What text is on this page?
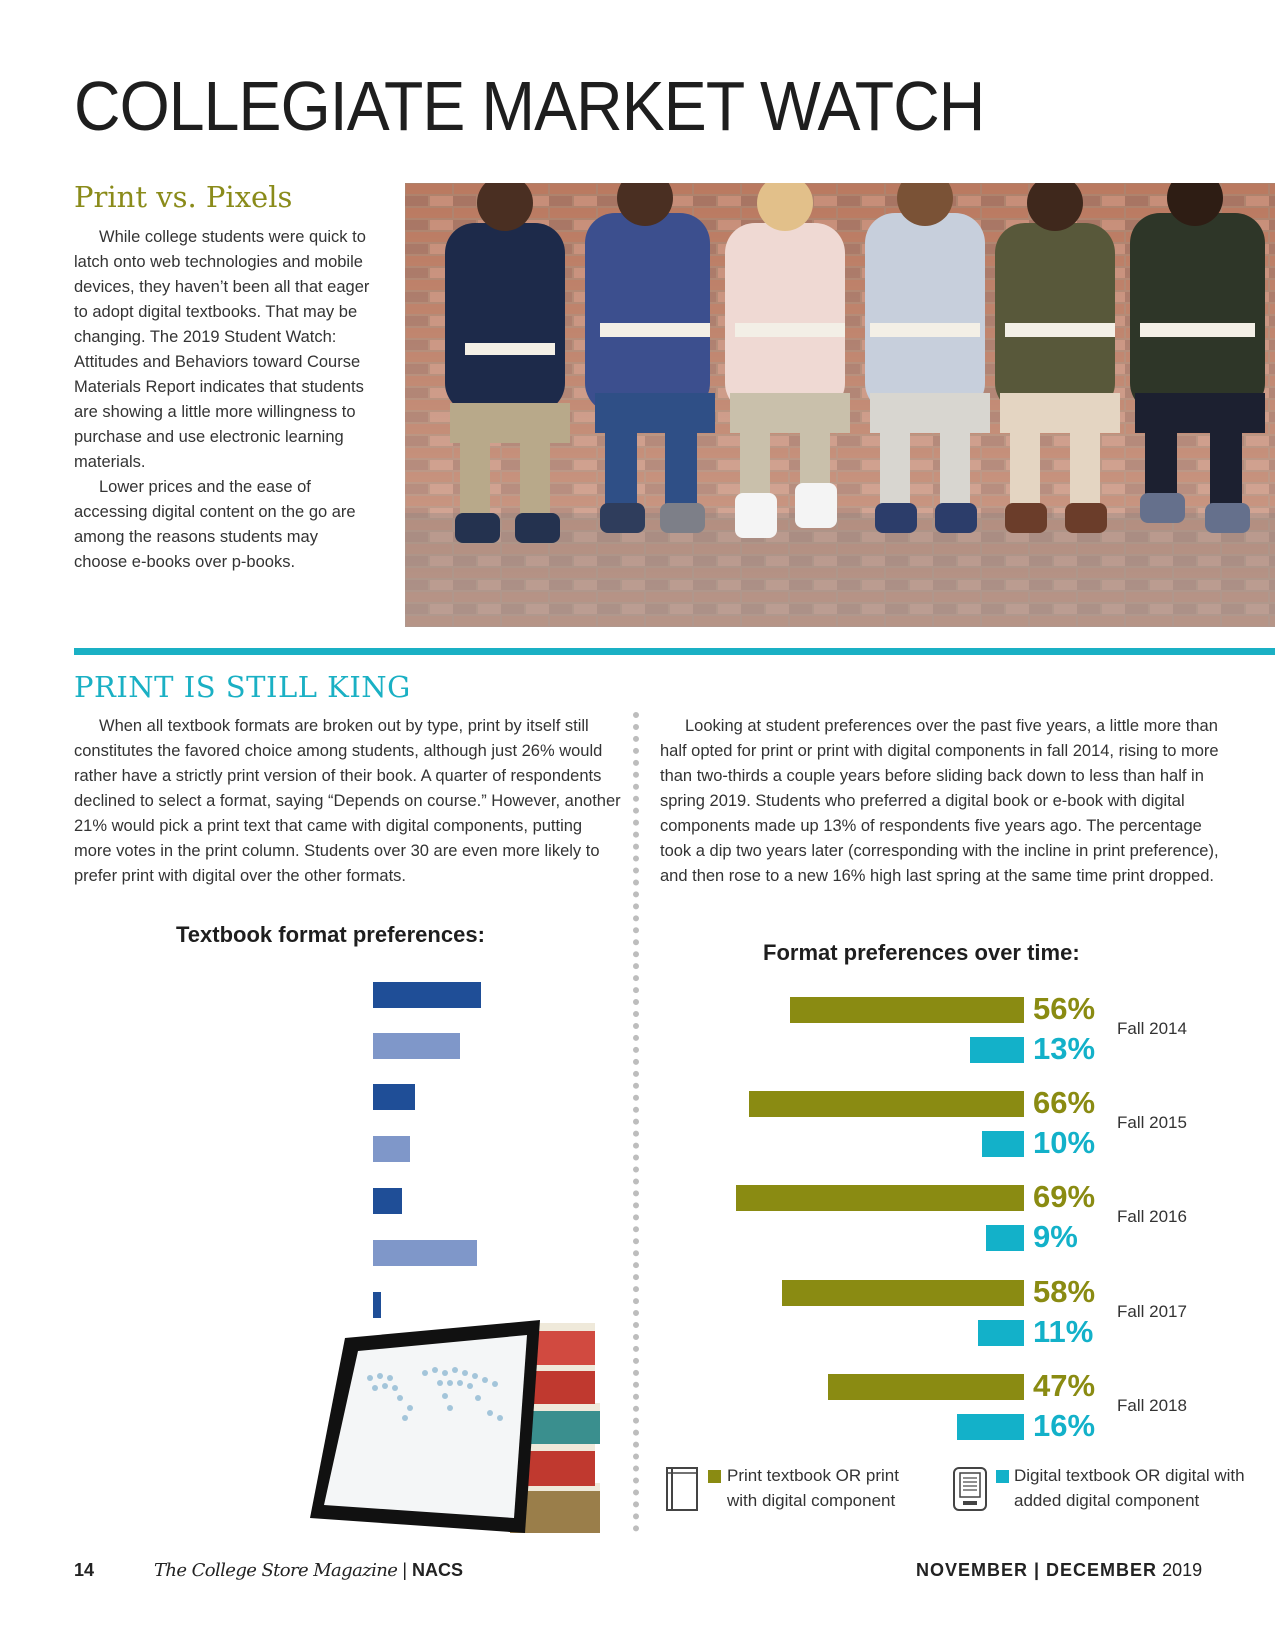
COLLEGIATE MARKET WATCH
Print vs. Pixels

While college students were quick to latch onto web technologies and mobile devices, they haven’t been all that eager to adopt digital textbooks. That may be changing. The 2019 Student Watch: Attitudes and Behaviors toward Course Materials Report indicates that students are showing a little more willingness to purchase and use electronic learning materials.

Lower prices and the ease of accessing digital content on the go are among the reasons students may choose e-books over p-books.

PRINT IS STILL KING

When all textbook formats are broken out by type, print by itself still constitutes the favored choice among students, although just 26% would rather have a strictly print version of their book. A quarter of respondents declined to select a format, saying “Depends on course.” However, another 21% would pick a print text that came with digital components, putting more votes in the print column. Students over 30 are even more likely to prefer print with digital over the other formats.

Looking at student preferences over the past five years, a little more than half opted for print or print with digital components in fall 2014, rising to more than two-thirds a couple years before sliding back down to less than half in spring 2019. Students who preferred a digital book or e-book with digital components made up 13% of respondents five years ago. The percentage took a dip two years later (corresponding with the incline in print preference), and then rose to a new 16% high last spring at the same time print dropped.

Textbook format preferences:
Format preferences over time:
56%
13%
Fall 2014
66%
10%
Fall 2015
69%
9%
Fall 2016
58%
11%
Fall 2017
47%
16%
Fall 2018
Print textbook OR print with digital component
Digital textbook OR digital with added digital component
14	The College Store Magazine | NACS	NOVEMBER | DECEMBER 2019
